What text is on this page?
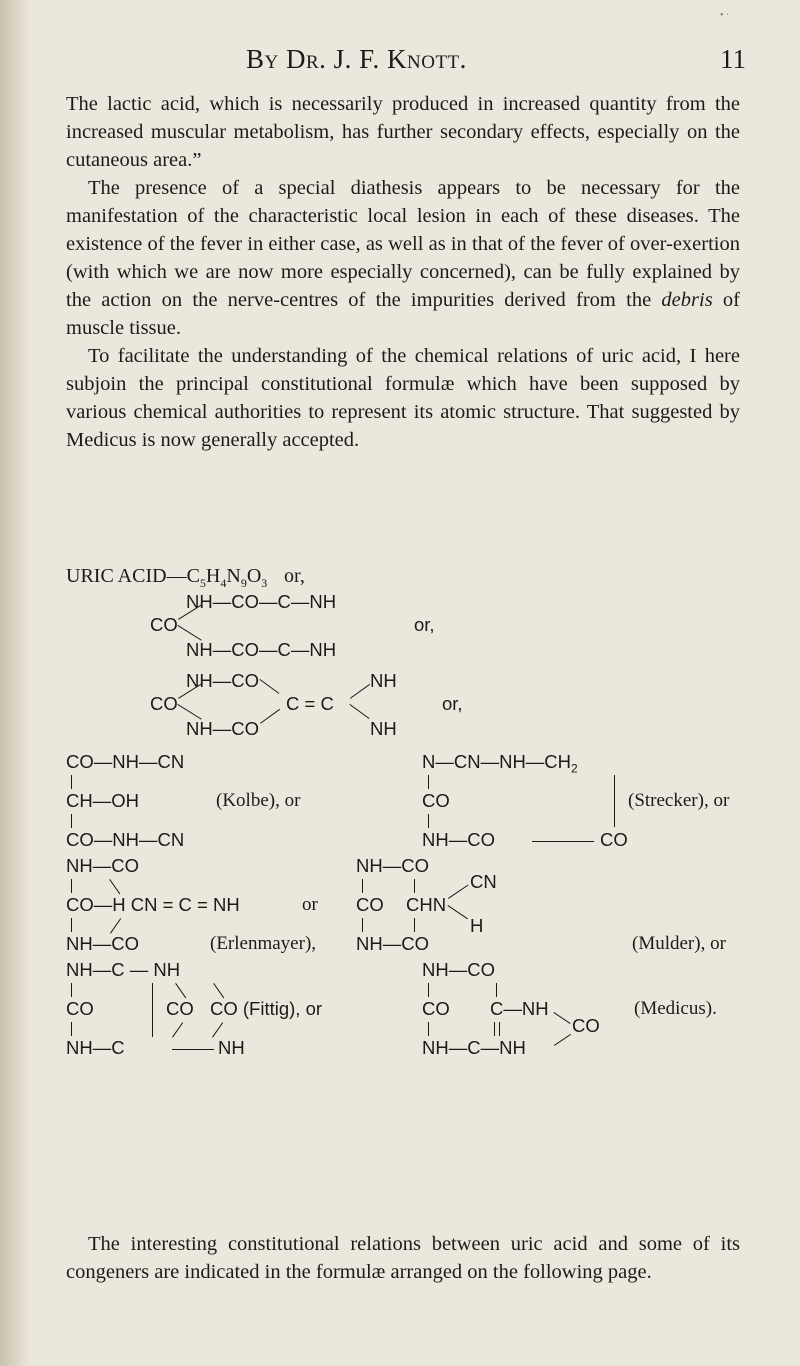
• ·
By Dr. J. F. Knott.	11

The lactic acid, which is necessarily produced in increased quantity from the increased muscular metabolism, has further secondary effects, especially on the cutaneous area.”

The presence of a special diathesis appears to be necessary for the manifestation of the characteristic local lesion in each of these diseases. The existence of the fever in either case, as well as in that of the fever of over-exertion (with which we are now more especially concerned), can be fully explained by the action on the nerve-centres of the impurities derived from the debris of muscle tissue.

To facilitate the understanding of the chemical relations of uric acid, I here subjoin the principal constitutional formulæ which have been supposed by various chemical authorities to represent its atomic structure. That suggested by Medicus is now generally accepted.

URIC $ACID—C_5H_4N_9O_3$ or,
NH—CO—C—NH
CO	or,
NH—CO—C—NH
NH—CO	NH
CO	C = C	or,
NH—CO	NH
CO—NH—CN
CH—OH	(Kolbe), or
CO—NH—CN
$N—CN—NH—CH_2$
CO	(Strecker), or
NH—CO	CO
NH—CO
CO—H CN = C = NH	or
NH—CO	(Erlenmayer),
NH—CO
CN
CO CHN
H
NH—CO	(Mulder), or
NH—C — NH
CO	CO CO (Fittig), or
NH—C	NH
NH—CO
CO C—NH
CO
NH—C—NH
(Medicus).

The interesting constitutional relations between uric acid and some of its congeners are indicated in the formulæ arranged on the following page.
